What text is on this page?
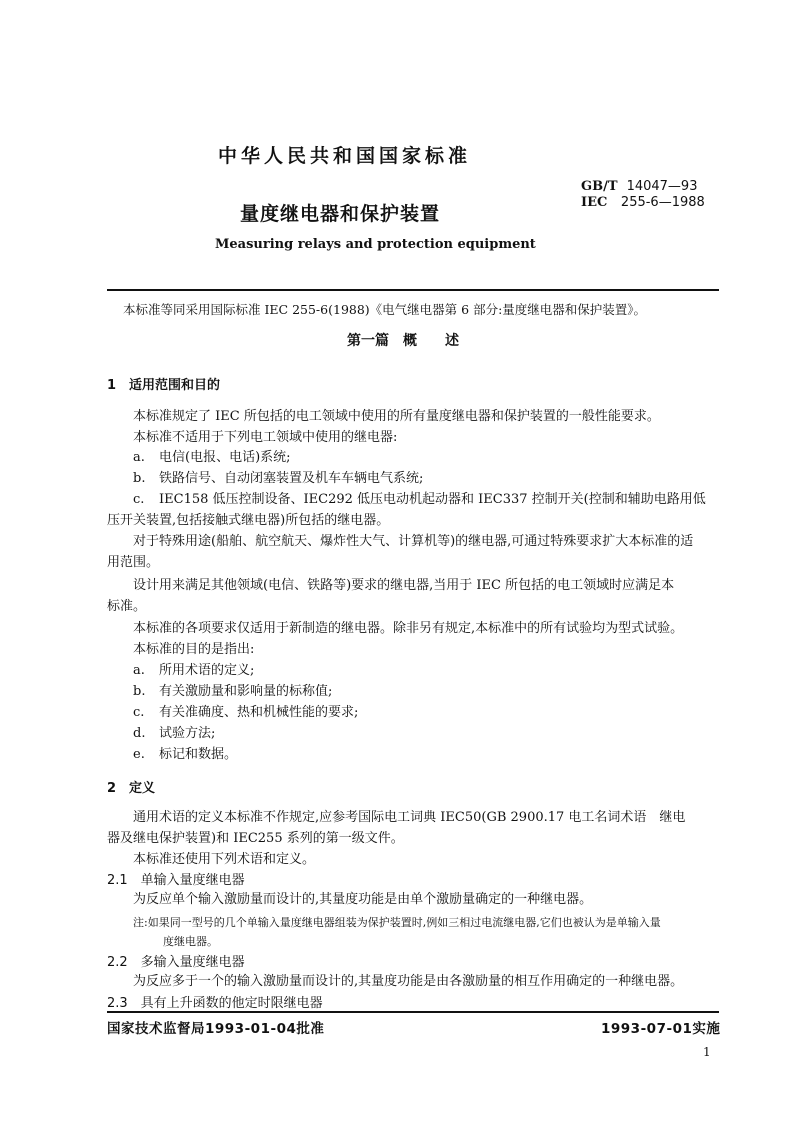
中华人民共和国国家标准
量度继电器和保护装置
Measuring relays and protection equipment
GB/T 14047—93
IEC 255-6—1988
本标准等同采用国际标准 IEC 255-6(1988)《电气继电器第 6 部分:量度继电器和保护装置》。
第一篇　概　　述
1　适用范围和目的
本标准规定了 IEC 所包括的电工领域中使用的所有量度继电器和保护装置的一般性能要求。
本标准不适用于下列电工领域中使用的继电器:
a. 电信(电报、电话)系统;
b. 铁路信号、自动闭塞装置及机车车辆电气系统;
c. IEC158 低压控制设备、IEC292 低压电动机起动器和 IEC337 控制开关(控制和辅助电路用低
压开关装置,包括接触式继电器)所包括的继电器。
对于特殊用途(船舶、航空航天、爆炸性大气、计算机等)的继电器,可通过特殊要求扩大本标准的适
用范围。
设计用来满足其他领域(电信、铁路等)要求的继电器,当用于 IEC 所包括的电工领域时应满足本
标准。
本标准的各项要求仅适用于新制造的继电器。除非另有规定,本标准中的所有试验均为型式试验。
本标准的目的是指出:
a. 所用术语的定义;
b. 有关激励量和影响量的标称值;
c. 有关准确度、热和机械性能的要求;
d. 试验方法;
e. 标记和数据。
2　定义
通用术语的定义本标准不作规定,应参考国际电工词典 IEC50(GB 2900.17 电工名词术语　继电
器及继电保护装置)和 IEC255 系列的第一级文件。
本标准还使用下列术语和定义。
2.1　单输入量度继电器
为反应单个输入激励量而设计的,其量度功能是由单个激励量确定的一种继电器。
注:如果同一型号的几个单输入量度继电器组装为保护装置时,例如三相过电流继电器,它们也被认为是单输入量
度继电器。
2.2　多输入量度继电器
为反应多于一个的输入激励量而设计的,其量度功能是由各激励量的相互作用确定的一种继电器。
2.3　具有上升函数的他定时限继电器
国家技术监督局1993-01-04批准	1993-07-01实施
1
